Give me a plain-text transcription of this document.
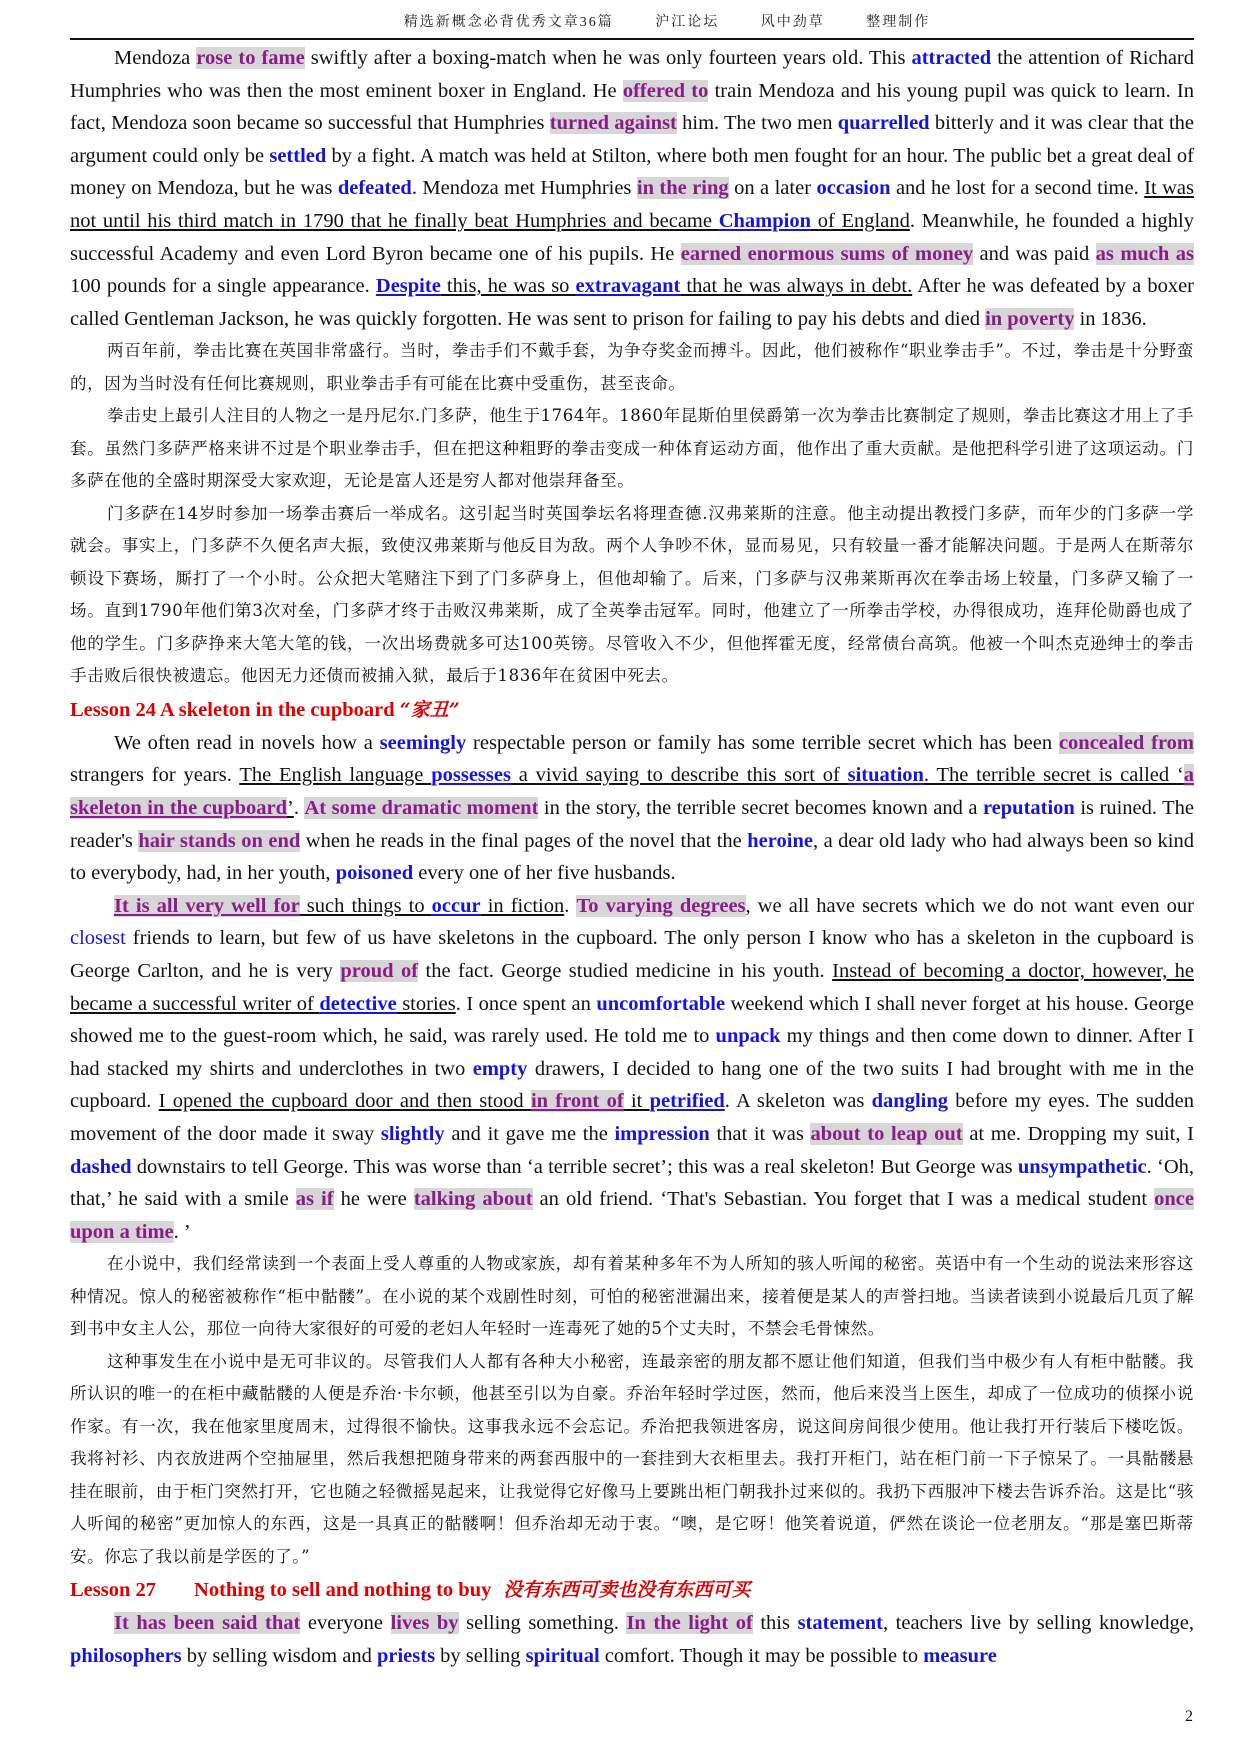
精选新概念必背优秀文章36篇	沪江论坛	风中劲草	整理制作

Mendoza rose to fame swiftly after a boxing-match when he was only fourteen years old. This attracted the attention of Richard Humphries who was then the most eminent boxer in England. He offered to train Mendoza and his young pupil was quick to learn. In fact, Mendoza soon became so successful that Humphries turned against him. The two men quarrelled bitterly and it was clear that the argument could only be settled by a fight. A match was held at Stilton, where both men fought for an hour. The public bet a great deal of money on Mendoza, but he was defeated. Mendoza met Humphries in the ring on a later occasion and he lost for a second time. It was not until his third match in 1790 that he finally beat Humphries and became Champion of England. Meanwhile, he founded a highly successful Academy and even Lord Byron became one of his pupils. He earned enormous sums of money and was paid as much as 100 pounds for a single appearance. Despite this, he was so extravagant that he was always in debt. After he was defeated by a boxer called Gentleman Jackson, he was quickly forgotten. He was sent to prison for failing to pay his debts and died in poverty in 1836.

两百年前，拳击比赛在英国非常盛行。当时，拳击手们不戴手套，为争夺奖金而搏斗。因此，他们被称作“职业拳击手”。不过，拳击是十分野蛮的，因为当时没有任何比赛规则，职业拳击手有可能在比赛中受重伤，甚至丧命。

拳击史上最引人注目的人物之一是丹尼尔.门多萨，他生于1764年。1860年昆斯伯里侯爵第一次为拳击比赛制定了规则，拳击比赛这才用上了手套。虽然门多萨严格来讲不过是个职业拳击手，但在把这种粗野的拳击变成一种体育运动方面，他作出了重大贡献。是他把科学引进了这项运动。门多萨在他的全盛时期深受大家欢迎，无论是富人还是穷人都对他崇拜备至。

门多萨在14岁时参加一场拳击赛后一举成名。这引起当时英国拳坛名将理查德.汉弗莱斯的注意。他主动提出教授门多萨，而年少的门多萨一学就会。事实上，门多萨不久便名声大振，致使汉弗莱斯与他反目为敌。两个人争吵不休，显而易见，只有较量一番才能解决问题。于是两人在斯蒂尔顿设下赛场，厮打了一个小时。公众把大笔赌注下到了门多萨身上，但他却输了。后来，门多萨与汉弗莱斯再次在拳击场上较量，门多萨又输了一场。直到1790年他们第3次对垒，门多萨才终于击败汉弗莱斯，成了全英拳击冠军。同时，他建立了一所拳击学校，办得很成功，连拜伦勋爵也成了他的学生。门多萨挣来大笔大笔的钱，一次出场费就多可达100英镑。尽管收入不少，但他挥霍无度，经常债台高筑。他被一个叫杰克逊绅士的拳击手击败后很快被遗忘。他因无力还债而被捕入狱，最后于1836年在贫困中死去。

Lesson 24 A skeleton in the cupboard “家丑”

We often read in novels how a seemingly respectable person or family has some terrible secret which has been concealed from strangers for years. The English language possesses a vivid saying to describe this sort of situation. The terrible secret is called ‘a skeleton in the cupboard’. At some dramatic moment in the story, the terrible secret becomes known and a reputation is ruined. The reader's hair stands on end when he reads in the final pages of the novel that the heroine, a dear old lady who had always been so kind to everybody, had, in her youth, poisoned every one of her five husbands.

It is all very well for such things to occur in fiction. To varying degrees, we all have secrets which we do not want even our closest friends to learn, but few of us have skeletons in the cupboard. The only person I know who has a skeleton in the cupboard is George Carlton, and he is very proud of the fact. George studied medicine in his youth. Instead of becoming a doctor, however, he became a successful writer of detective stories. I once spent an uncomfortable weekend which I shall never forget at his house. George showed me to the guest-room which, he said, was rarely used. He told me to unpack my things and then come down to dinner. After I had stacked my shirts and underclothes in two empty drawers, I decided to hang one of the two suits I had brought with me in the cupboard. I opened the cupboard door and then stood in front of it petrified. A skeleton was dangling before my eyes. The sudden movement of the door made it sway slightly and it gave me the impression that it was about to leap out at me. Dropping my suit, I dashed downstairs to tell George. This was worse than ‘a terrible secret’; this was a real skeleton! But George was unsympathetic. ‘Oh, that,’ he said with a smile as if he were talking about an old friend. ‘That's Sebastian. You forget that I was a medical student once upon a time. ’

在小说中，我们经常读到一个表面上受人尊重的人物或家族，却有着某种多年不为人所知的骇人听闻的秘密。英语中有一个生动的说法来形容这种情况。惊人的秘密被称作“柜中骷髅”。在小说的某个戏剧性时刻，可怕的秘密泄漏出来，接着便是某人的声誉扫地。当读者读到小说最后几页了解到书中女主人公，那位一向待大家很好的可爱的老妇人年轻时一连毒死了她的5个丈夫时，不禁会毛骨悚然。

这种事发生在小说中是无可非议的。尽管我们人人都有各种大小秘密，连最亲密的朋友都不愿让他们知道，但我们当中极少有人有柜中骷髅。我所认识的唯一的在柜中藏骷髅的人便是乔治·卡尔顿，他甚至引以为自豪。乔治年轻时学过医，然而，他后来没当上医生，却成了一位成功的侦探小说作家。有一次，我在他家里度周末，过得很不愉快。这事我永远不会忘记。乔治把我领进客房，说这间房间很少使用。他让我打开行装后下楼吃饭。我将衬衫、内衣放进两个空抽屉里，然后我想把随身带来的两套西服中的一套挂到大衣柜里去。我打开柜门，站在柜门前一下子惊呆了。一具骷髅悬挂在眼前，由于柜门突然打开，它也随之轻微摇晃起来，让我觉得它好像马上要跳出柜门朝我扑过来似的。我扔下西服冲下楼去告诉乔治。这是比“骇人听闻的秘密”更加惊人的东西，这是一具真正的骷髅啊！但乔治却无动于衷。“噢，是它呀！他笑着说道，俨然在谈论一位老朋友。“那是塞巴斯蒂安。你忘了我以前是学医的了。”

Lesson 27 Nothing to sell and nothing to buy 没有东西可卖也没有东西可买

It has been said that everyone lives by selling something. In the light of this statement, teachers live by selling knowledge, philosophers by selling wisdom and priests by selling spiritual comfort. Though it may be possible to measure

2
